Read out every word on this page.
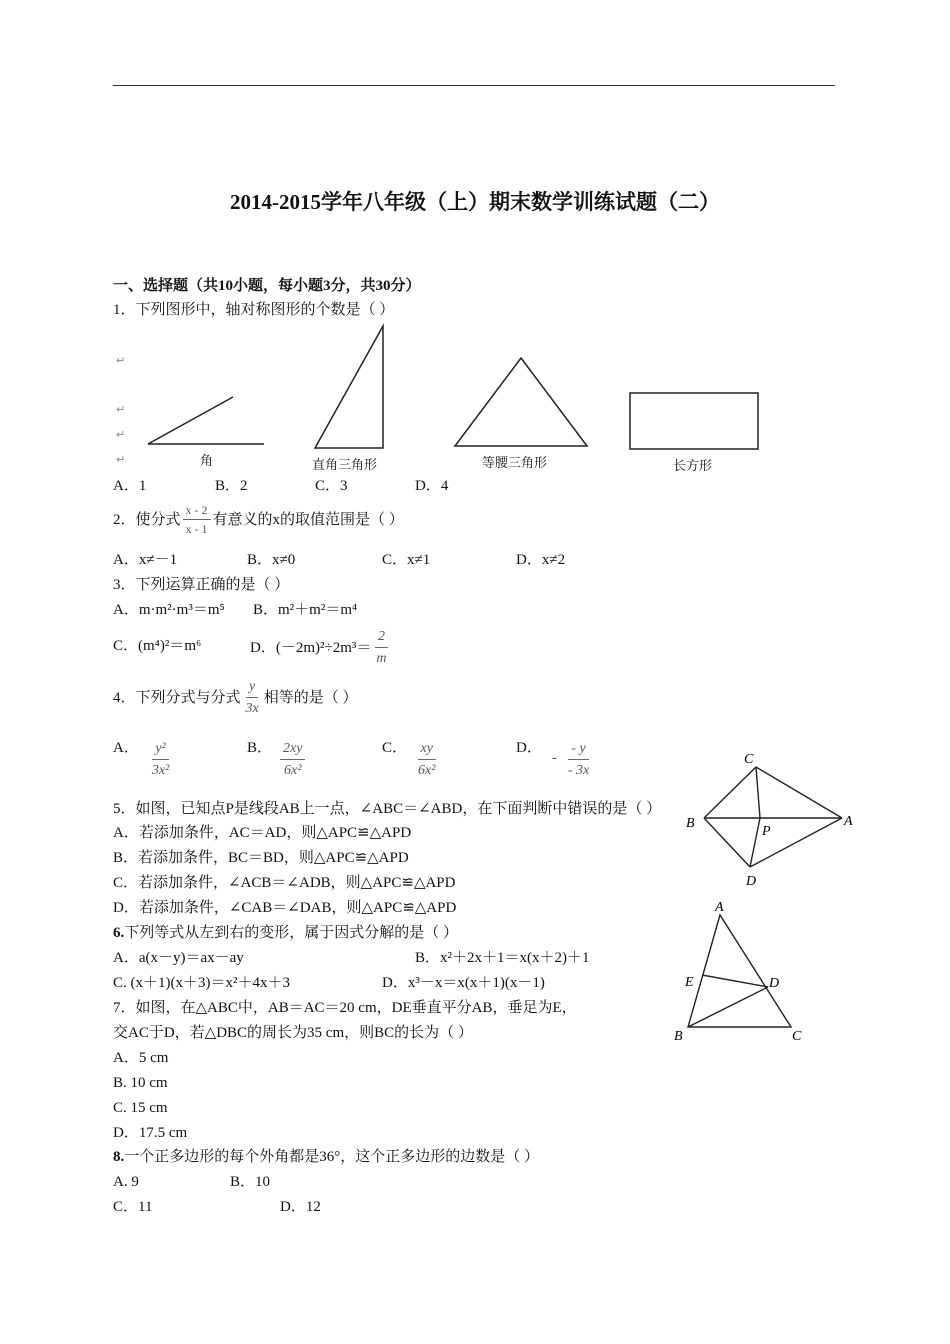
2014-2015学年八年级（上）期末数学训练试题（二）
一、选择题（共10小题，每小题3分，共30分）
1．下列图形中，轴对称图形的个数是（ ）
↵
↵
↵
↵	角	直角三角形	等腰三角形	长方形
A．1	B．2	C．3	D．4
2．使分式 $\frac{x - 2}{x - 1}$ 有意义的x的取值范围是（ ）
A．x≠－1	B．x≠0	C．x≠1	D．x≠2
3．下列运算正确的是（ ）
A．m·m²·m³＝m⁵ B．m²＋m²＝m⁴
C．(m⁴)²＝m⁶	D．$(-2m)^2\div 2m^3= \frac{2}{m}$
4．下列分式与分式 $\frac{y}{3x}$ 相等的是（ ）
A． $\frac{\text{y²}}{\text{3x²}}$	B． $\frac{2xy}{\text{6x²}}$	C． $\frac{xy}{\text{6x²}}$	D．
- $\frac{- y}{- 3x}$
5．如图，已知点P是线段AB上一点，∠ABC＝∠ABD，在下面判断中错误的是（ ）
A．若添加条件，AC＝AD，则△APC≌△APD
B．若添加条件，BC＝BD，则△APC≌△APD
C．若添加条件，∠ACB＝∠ADB，则△APC≌△APD
D．若添加条件，∠CAB＝∠DAB，则△APC≌△APD
C
B
P
A
D
6.下列等式从左到右的变形，属于因式分解的是（ ）
A．a(x－y)＝ax－ay	B．x²＋2x＋1＝x(x＋2)＋1
C. (x＋1)(x＋3)＝x²＋4x＋3	D．x³－x＝x(x＋1)(x－1)
7．如图，在△ABC中，AB＝AC＝20 cm，DE垂直平分AB，垂足为E，
交AC于D，若△DBC的周长为35 cm，则BC的长为（ ）
A．5 cm
B. 10 cm
C. 15 cm
D．17.5 cm
A
E	D
B	C
8.一个正多边形的每个外角都是36°，这个正多边形的边数是（ ）
A. 9	B．10
C．11	D．12
